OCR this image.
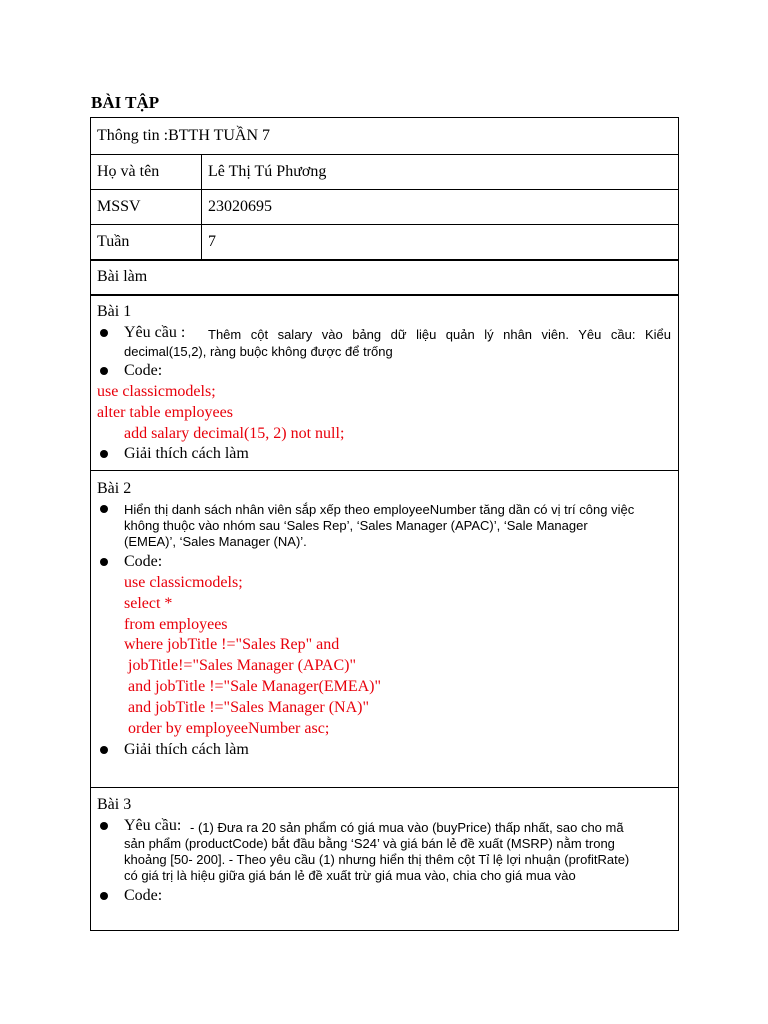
BÀI TẬP
Thông tin :BTTH TUẦN 7
Họ và tên	Lê Thị Tú Phương
MSSV	23020695
Tuần	7
Bài làm
Bài 1
Yêu cầu : Thêm cột salary vào bảng dữ liệu quản lý nhân viên. Yêu cầu: Kiểu
decimal(15,2), ràng buộc không được để trống
Code:
use classicmodels;
alter table employees
add salary decimal(15, 2) not null;
Giải thích cách làm
Bài 2
Hiển thị danh sách nhân viên sắp xếp theo employeeNumber tăng dần có vị trí công việc
không thuộc vào nhóm sau ‘Sales Rep’, ‘Sales Manager (APAC)’, ‘Sale Manager
(EMEA)’, ‘Sales Manager (NA)’.
Code:
use classicmodels;
select *
from employees
where jobTitle !="Sales Rep" and
jobTitle!="Sales Manager (APAC)"
and jobTitle !="Sale Manager(EMEA)"
and jobTitle !="Sales Manager (NA)"
order by employeeNumber asc;
Giải thích cách làm
Bài 3
Yêu cầu: - (1) Đưa ra 20 sản phẩm có giá mua vào (buyPrice) thấp nhất, sao cho mã
sản phẩm (productCode) bắt đầu bằng ‘S24’ và giá bán lẻ đề xuất (MSRP) nằm trong
khoảng [50- 200]. - Theo yêu cầu (1) nhưng hiển thị thêm cột Tỉ lệ lợi nhuận (profitRate)
có giá trị là hiệu giữa giá bán lẻ đề xuất trừ giá mua vào, chia cho giá mua vào
Code:
